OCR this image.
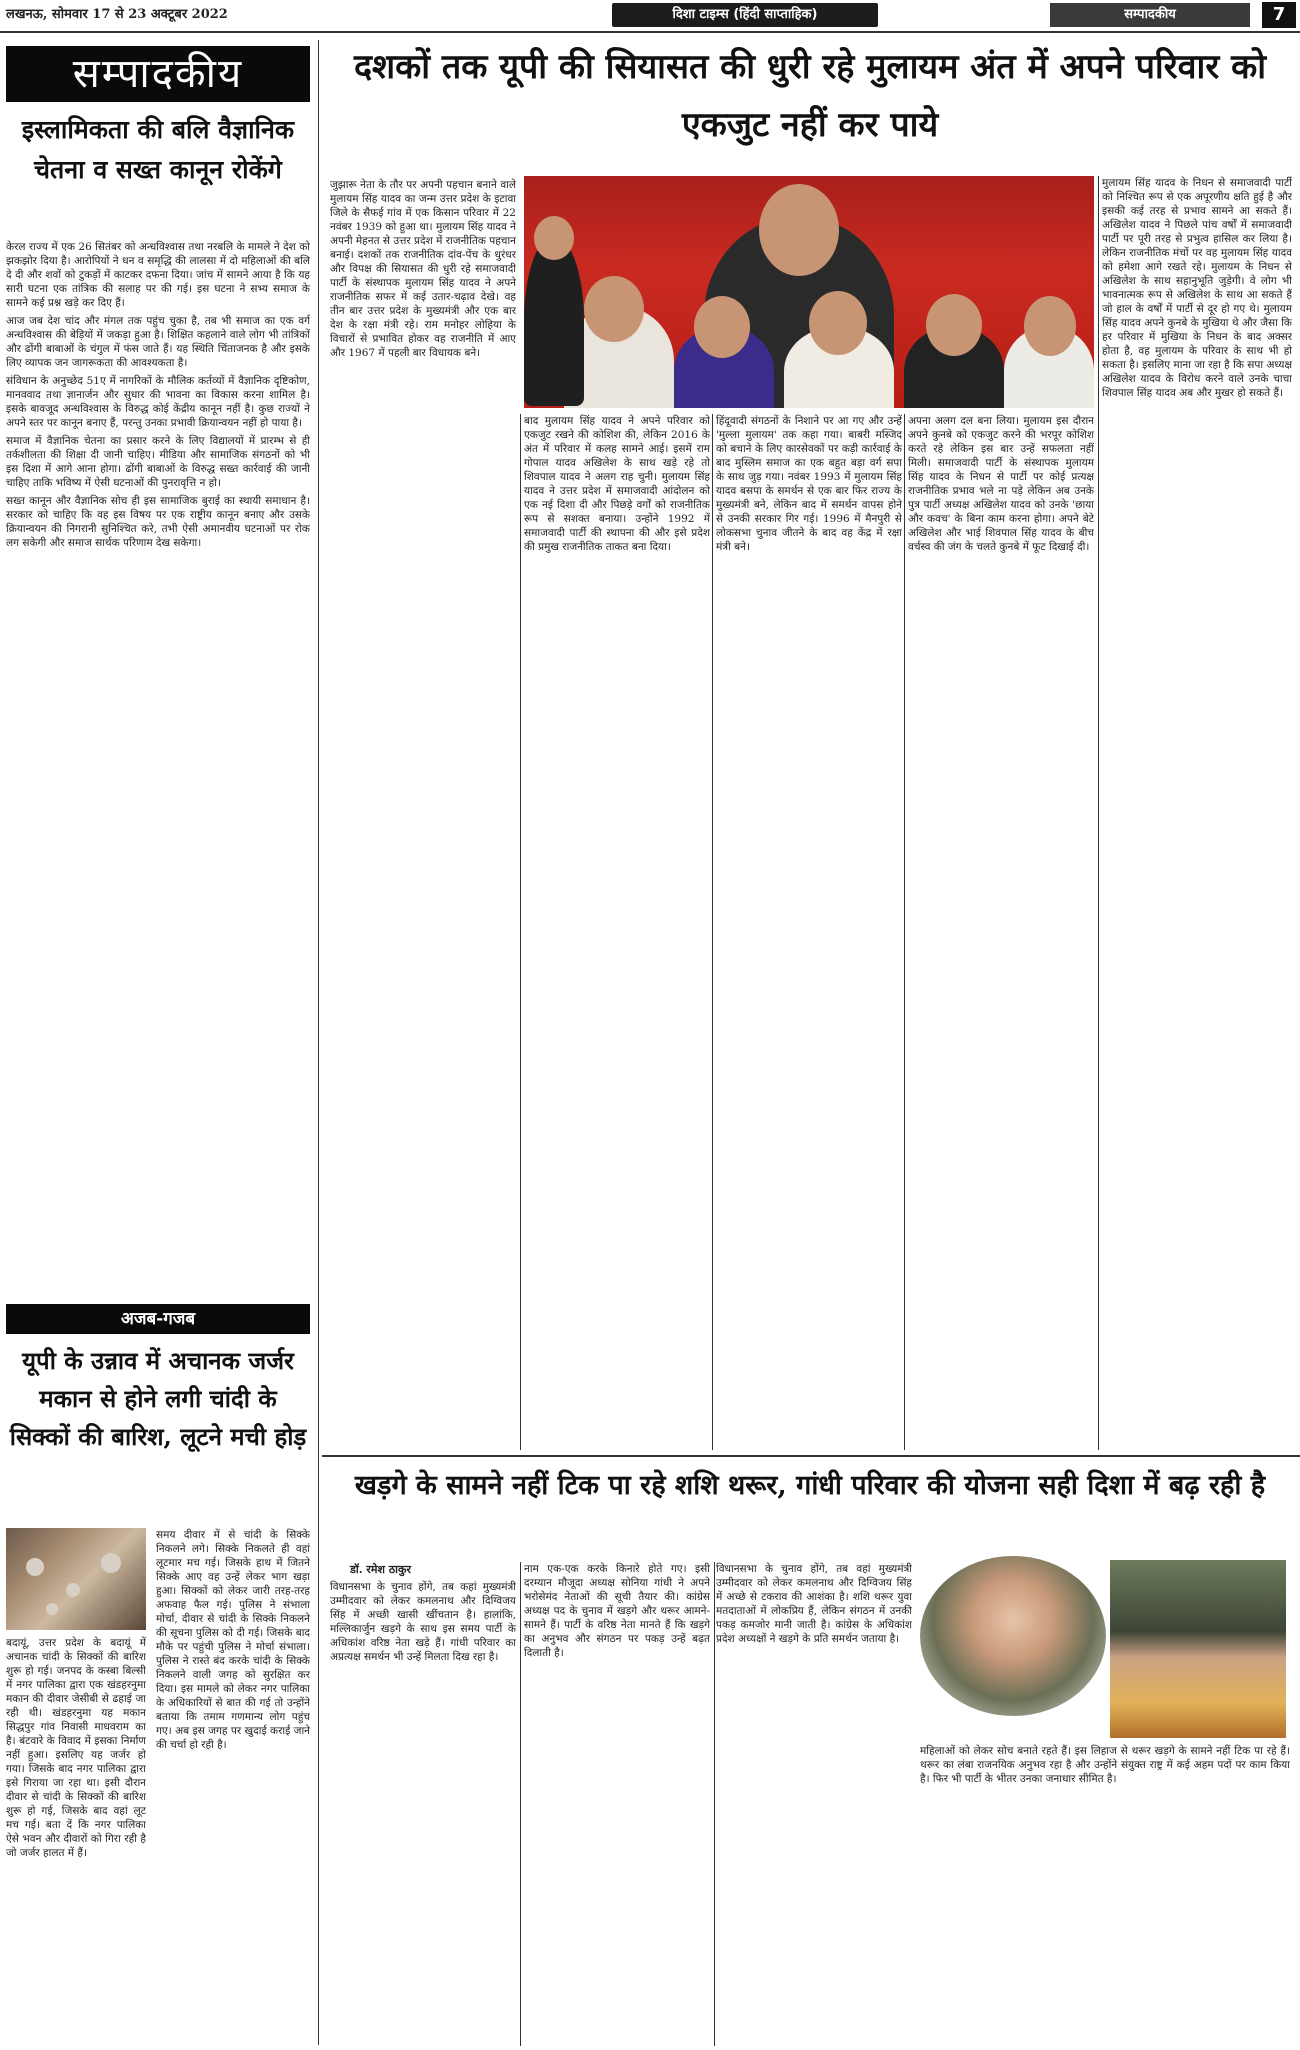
लखनऊ, सोमवार 17 से 23 अक्टूबर 2022	दिशा टाइम्स (हिंदी साप्ताहिक)	सम्पादकीय	7
सम्पादकीय
इस्लामिकता की बलि वैज्ञानिक चेतना व सख्त कानून रोकेंगे

केरल राज्य में एक 26 सितंबर को अन्धविश्वास तथा नरबलि के मामले ने देश को झकझोर दिया है। आरोपियों ने धन व समृद्धि की लालसा में दो महिलाओं की बलि दे दी और शवों को टुकड़ों में काटकर दफना दिया। जांच में सामने आया है कि यह सारी घटना एक तांत्रिक की सलाह पर की गई। इस घटना ने सभ्य समाज के सामने कई प्रश्न खड़े कर दिए हैं।

आज जब देश चांद और मंगल तक पहुंच चुका है, तब भी समाज का एक वर्ग अन्धविश्वास की बेड़ियों में जकड़ा हुआ है। शिक्षित कहलाने वाले लोग भी तांत्रिकों और ढोंगी बाबाओं के चंगुल में फंस जाते हैं। यह स्थिति चिंताजनक है और इसके लिए व्यापक जन जागरूकता की आवश्यकता है।

संविधान के अनुच्छेद 51ए में नागरिकों के मौलिक कर्तव्यों में वैज्ञानिक दृष्टिकोण, मानववाद तथा ज्ञानार्जन और सुधार की भावना का विकास करना शामिल है। इसके बावजूद अन्धविश्वास के विरुद्ध कोई केंद्रीय कानून नहीं है। कुछ राज्यों ने अपने स्तर पर कानून बनाए हैं, परन्तु उनका प्रभावी क्रियान्वयन नहीं हो पाया है।

समाज में वैज्ञानिक चेतना का प्रसार करने के लिए विद्यालयों में प्रारम्भ से ही तर्कशीलता की शिक्षा दी जानी चाहिए। मीडिया और सामाजिक संगठनों को भी इस दिशा में आगे आना होगा। ढोंगी बाबाओं के विरुद्ध सख्त कार्रवाई की जानी चाहिए ताकि भविष्य में ऐसी घटनाओं की पुनरावृत्ति न हो।

सख्त कानून और वैज्ञानिक सोच ही इस सामाजिक बुराई का स्थायी समाधान है। सरकार को चाहिए कि वह इस विषय पर एक राष्ट्रीय कानून बनाए और उसके क्रियान्वयन की निगरानी सुनिश्चित करे, तभी ऐसी अमानवीय घटनाओं पर रोक लग सकेगी और समाज सार्थक परिणाम देख सकेगा।

अजब-गजब
यूपी के उन्नाव में अचानक जर्जर मकान से होने लगी चांदी के सिक्कों की बारिश, लूटने मची होड़
बदायूं, उत्तर प्रदेश के बदायूं में अचानक चांदी के सिक्कों की बारिश शुरू हो गई। जनपद के कस्बा बिल्सी में नगर पालिका द्वारा एक खंडहरनुमा मकान की दीवार जेसीबी से ढहाई जा रही थी। खंडहरनुमा यह मकान सिद्धपुर गांव निवासी माधवराम का है। बंटवारे के विवाद में इसका निर्माण नहीं हुआ। इसलिए यह जर्जर हो गया। जिसके बाद नगर पालिका द्वारा इसे गिराया जा रहा था। इसी दौरान दीवार से चांदी के सिक्कों की बारिश शुरू हो गई, जिसके बाद वहां लूट मच गई। बता दें कि नगर पालिका ऐसे भवन और दीवारों को गिरा रही है जो जर्जर हालत में हैं।
समय दीवार में से चांदी के सिक्के निकलने लगे। सिक्के निकलते ही वहां लूटमार मच गई। जिसके हाथ में जितने सिक्के आए वह उन्हें लेकर भाग खड़ा हुआ। सिक्कों को लेकर जारी तरह-तरह अफवाह फैल गई। पुलिस ने संभाला मोर्चा, दीवार से चांदी के सिक्के निकलने की सूचना पुलिस को दी गई। जिसके बाद मौके पर पहुंची पुलिस ने मोर्चा संभाला। पुलिस ने रास्ते बंद करके चांदी के सिक्के निकलने वाली जगह को सुरक्षित कर दिया। इस मामले को लेकर नगर पालिका के अधिकारियों से बात की गई तो उन्होंने बताया कि तमाम गणमान्य लोग पहुंच गए। अब इस जगह पर खुदाई कराई जाने की चर्चा हो रही है।
दशकों तक यूपी की सियासत की धुरी रहे मुलायम अंत में अपने परिवार को एकजुट नहीं कर पाये
मुलायम सिंह यादव के निधन से समाजवादी पार्टी को निश्चित रूप से एक अपूरणीय क्षति हुई है और इसकी कई तरह से प्रभाव सामने आ सकते हैं। अखिलेश यादव ने पिछले पांच वर्षों में समाजवादी पार्टी पर पूरी तरह से प्रभुत्व हासिल कर लिया है। लेकिन राजनीतिक मंचों पर वह मुलायम सिंह यादव को हमेशा आगे रखते रहे। मुलायम के निधन से अखिलेश के साथ सहानुभूति जुड़ेगी। वे लोग भी भावनात्मक रूप से अखिलेश के साथ आ सकते हैं जो हाल के वर्षों में पार्टी से दूर हो गए थे। मुलायम सिंह यादव अपने कुनबे के मुखिया थे और जैसा कि हर परिवार में मुखिया के निधन के बाद अक्सर होता है, वह मुलायम के परिवार के साथ भी हो सकता है। इसलिए माना जा रहा है कि सपा अध्यक्ष अखिलेश यादव के विरोध करने वाले उनके चाचा शिवपाल सिंह यादव अब और मुखर हो सकते हैं।
जुझारू नेता के तौर पर अपनी पहचान बनाने वाले मुलायम सिंह यादव का जन्म उत्तर प्रदेश के इटावा जिले के सैफई गांव में एक किसान परिवार में 22 नवंबर 1939 को हुआ था। मुलायम सिंह यादव ने अपनी मेहनत से उत्तर प्रदेश में राजनीतिक पहचान बनाई। दशकों तक राजनीतिक दांव-पेंच के धुरंधर और विपक्ष की सियासत की धुरी रहे समाजवादी पार्टी के संस्थापक मुलायम सिंह यादव ने अपने राजनीतिक सफर में कई उतार-चढ़ाव देखे। वह तीन बार उत्तर प्रदेश के मुख्यमंत्री और एक बार देश के रक्षा मंत्री रहे। राम मनोहर लोहिया के विचारों से प्रभावित होकर वह राजनीति में आए और 1967 में पहली बार विधायक बने।
बाद मुलायम सिंह यादव ने अपने परिवार को एकजुट रखने की कोशिश की, लेकिन 2016 के अंत में परिवार में कलह सामने आई। इसमें राम गोपाल यादव अखिलेश के साथ खड़े रहे तो शिवपाल यादव ने अलग राह चुनी। मुलायम सिंह यादव ने उत्तर प्रदेश में समाजवादी आंदोलन को एक नई दिशा दी और पिछड़े वर्गों को राजनीतिक रूप से सशक्त बनाया। उन्होंने 1992 में समाजवादी पार्टी की स्थापना की और इसे प्रदेश की प्रमुख राजनीतिक ताकत बना दिया।
हिंदूवादी संगठनों के निशाने पर आ गए और उन्हें 'मुल्ला मुलायम' तक कहा गया। बाबरी मस्जिद को बचाने के लिए कारसेवकों पर कड़ी कार्रवाई के बाद मुस्लिम समाज का एक बहुत बड़ा वर्ग सपा के साथ जुड़ गया। नवंबर 1993 में मुलायम सिंह यादव बसपा के समर्थन से एक बार फिर राज्य के मुख्यमंत्री बने, लेकिन बाद में समर्थन वापस होने से उनकी सरकार गिर गई। 1996 में मैनपुरी से लोकसभा चुनाव जीतने के बाद वह केंद्र में रक्षा मंत्री बने।
अपना अलग दल बना लिया। मुलायम इस दौरान अपने कुनबे को एकजुट करने की भरपूर कोशिश करते रहे लेकिन इस बार उन्हें सफलता नहीं मिली। समाजवादी पार्टी के संस्थापक मुलायम सिंह यादव के निधन से पार्टी पर कोई प्रत्यक्ष राजनीतिक प्रभाव भले ना पड़े लेकिन अब उनके पुत्र पार्टी अध्यक्ष अखिलेश यादव को उनके 'छाया और कवच' के बिना काम करना होगा। अपने बेटे अखिलेश और भाई शिवपाल सिंह यादव के बीच वर्चस्व की जंग के चलते कुनबे में फूट दिखाई दी।
खड़गे के सामने नहीं टिक पा रहे शशि थरूर, गांधी परिवार की योजना सही दिशा में बढ़ रही है
डॉ. रमेश ठाकुर
विधानसभा के चुनाव होंगे, तब कहां मुख्यमंत्री उम्मीदवार को लेकर कमलनाथ और दिग्विजय सिंह में अच्छी खासी खींचतान है। हालांकि, मल्लिकार्जुन खड़गे के साथ इस समय पार्टी के अधिकांश वरिष्ठ नेता खड़े हैं। गांधी परिवार का अप्रत्यक्ष समर्थन भी उन्हें मिलता दिख रहा है।
नाम एक-एक करके किनारे होते गए। इसी दरम्यान मौजूदा अध्यक्ष सोनिया गांधी ने अपने भरोसेमंद नेताओं की सूची तैयार की। कांग्रेस अध्यक्ष पद के चुनाव में खड़गे और थरूर आमने-सामने हैं। पार्टी के वरिष्ठ नेता मानते हैं कि खड़गे का अनुभव और संगठन पर पकड़ उन्हें बढ़त दिलाती है।
विधानसभा के चुनाव होंगे, तब वहां मुख्यमंत्री उम्मीदवार को लेकर कमलनाथ और दिग्विजय सिंह में अच्छे से टकराव की आशंका है। शशि थरूर युवा मतदाताओं में लोकप्रिय हैं, लेकिन संगठन में उनकी पकड़ कमजोर मानी जाती है। कांग्रेस के अधिकांश प्रदेश अध्यक्षों ने खड़गे के प्रति समर्थन जताया है।
महिलाओं को लेकर सोच बनाते रहते हैं। इस लिहाज से थरूर खड़गे के सामने नहीं टिक पा रहे हैं। थरूर का लंबा राजनयिक अनुभव रहा है और उन्होंने संयुक्त राष्ट्र में कई अहम पदों पर काम किया है। फिर भी पार्टी के भीतर उनका जनाधार सीमित है।
